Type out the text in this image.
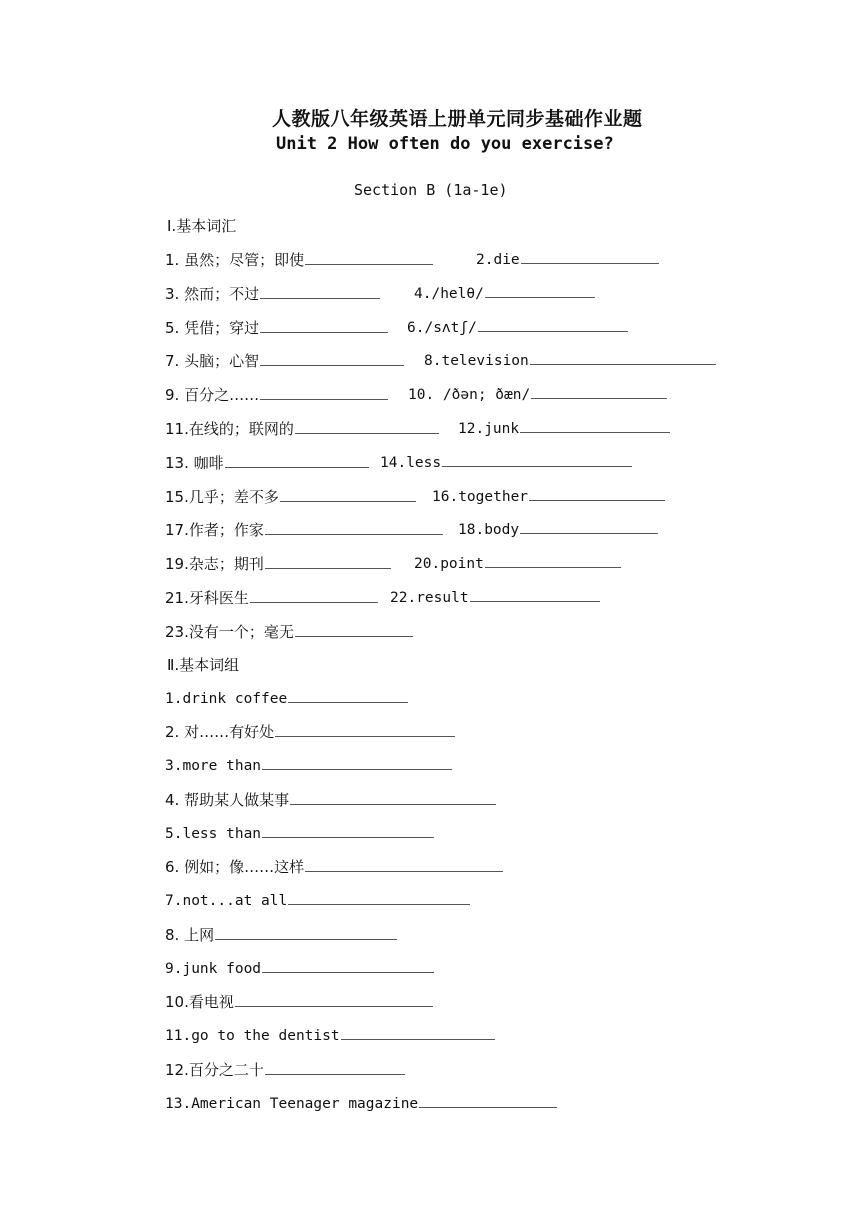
人教版八年级英语上册单元同步基础作业题
Unit 2 How often do you exercise?
Section B (1a-1e)
Ⅰ.基本词汇
1. 虽然；尽管；即使	2.die
3. 然而；不过	4./helθ/
5. 凭借；穿过	6./sʌtʃ/
7. 头脑；心智	8.television
9. 百分之……	10. /ðən; ðæn/
11.在线的；联网的	12.junk
13. 咖啡	14.less
15.几乎；差不多	16.together
17.作者；作家	18.body
19.杂志；期刊	20.point
21.牙科医生	22.result
23.没有一个；毫无
Ⅱ.基本词组
1.drink coffee
2. 对……有好处
3.more than
4. 帮助某人做某事
5.less than
6. 例如；像……这样
7.not...at all
8. 上网
9.junk food
10.看电视
11.go to the dentist
12.百分之二十
13.American Teenager magazine
